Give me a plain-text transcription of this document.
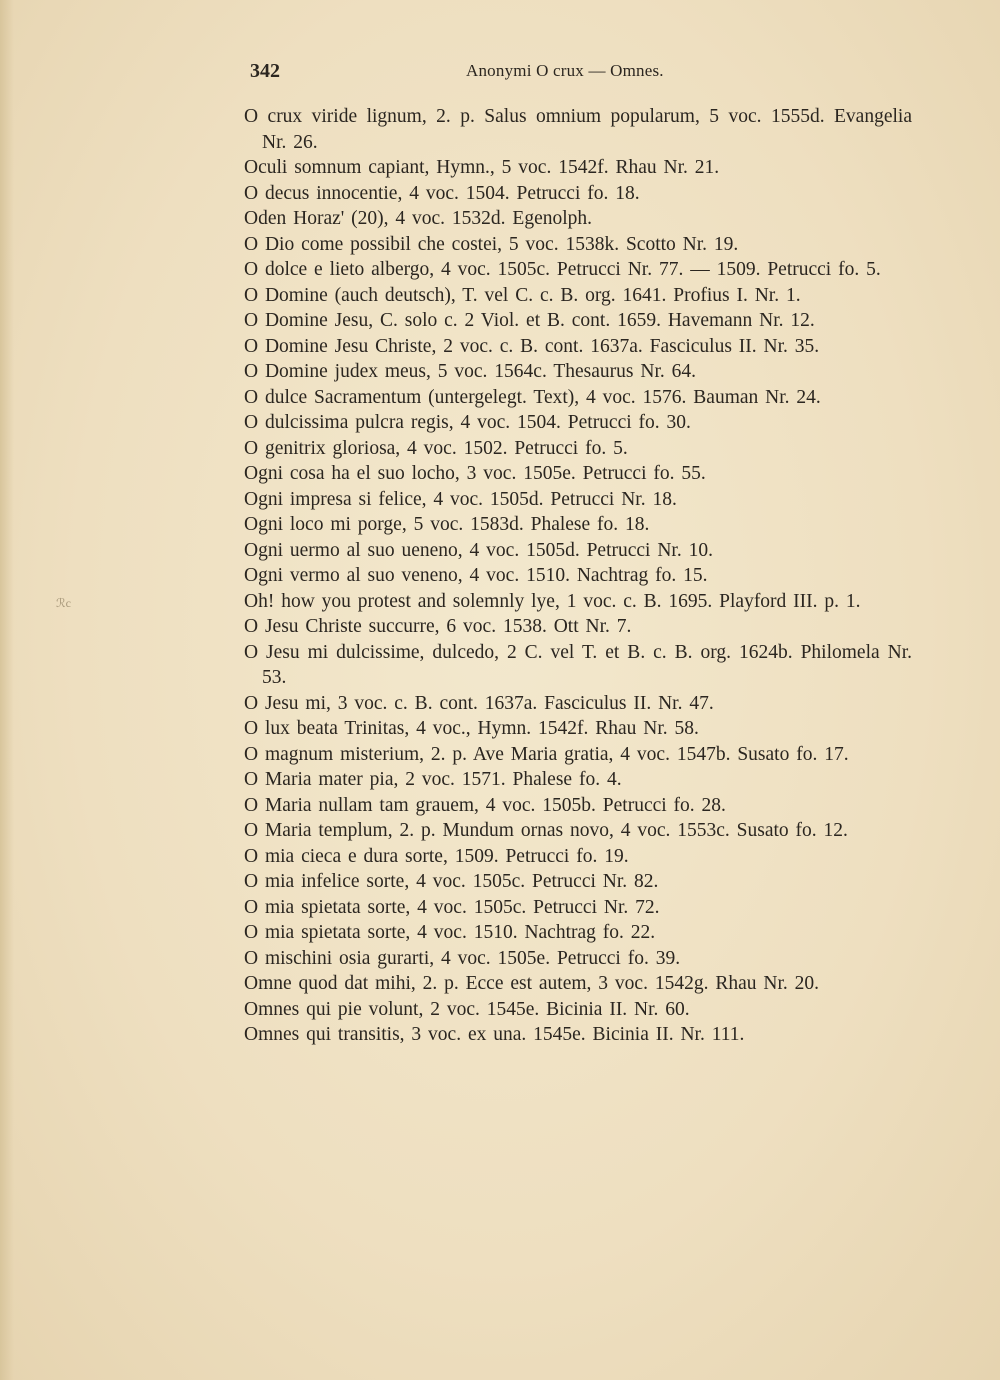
342	Anonymi O crux — Omnes.
ℛc
O crux viride lignum, 2. p. Salus omnium popularum, 5 voc. 1555d. Evangelia Nr. 26.
Oculi somnum capiant, Hymn., 5 voc. 1542f. Rhau Nr. 21.
O decus innocentie, 4 voc. 1504. Petrucci fo. 18.
Oden Horaz' (20), 4 voc. 1532d. Egenolph.
O Dio come possibil che costei, 5 voc. 1538k. Scotto Nr. 19.
O dolce e lieto albergo, 4 voc. 1505c. Petrucci Nr. 77. — 1509. Petrucci fo. 5.
O Domine (auch deutsch), T. vel C. c. B. org. 1641. Profius I. Nr. 1.
O Domine Jesu, C. solo c. 2 Viol. et B. cont. 1659. Havemann Nr. 12.
O Domine Jesu Christe, 2 voc. c. B. cont. 1637a. Fasciculus II. Nr. 35.
O Domine judex meus, 5 voc. 1564c. Thesaurus Nr. 64.
O dulce Sacramentum (untergelegt. Text), 4 voc. 1576. Bauman Nr. 24.
O dulcissima pulcra regis, 4 voc. 1504. Petrucci fo. 30.
O genitrix gloriosa, 4 voc. 1502. Petrucci fo. 5.
Ogni cosa ha el suo locho, 3 voc. 1505e. Petrucci fo. 55.
Ogni impresa si felice, 4 voc. 1505d. Petrucci Nr. 18.
Ogni loco mi porge, 5 voc. 1583d. Phalese fo. 18.
Ogni uermo al suo ueneno, 4 voc. 1505d. Petrucci Nr. 10.
Ogni vermo al suo veneno, 4 voc. 1510. Nachtrag fo. 15.
Oh! how you protest and solemnly lye, 1 voc. c. B. 1695. Playford III. p. 1.
O Jesu Christe succurre, 6 voc. 1538. Ott Nr. 7.
O Jesu mi dulcissime, dulcedo, 2 C. vel T. et B. c. B. org. 1624b. Philomela Nr. 53.
O Jesu mi, 3 voc. c. B. cont. 1637a. Fasciculus II. Nr. 47.
O lux beata Trinitas, 4 voc., Hymn. 1542f. Rhau Nr. 58.
O magnum misterium, 2. p. Ave Maria gratia, 4 voc. 1547b. Susato fo. 17.
O Maria mater pia, 2 voc. 1571. Phalese fo. 4.
O Maria nullam tam grauem, 4 voc. 1505b. Petrucci fo. 28.
O Maria templum, 2. p. Mundum ornas novo, 4 voc. 1553c. Susato fo. 12.
O mia cieca e dura sorte, 1509. Petrucci fo. 19.
O mia infelice sorte, 4 voc. 1505c. Petrucci Nr. 82.
O mia spietata sorte, 4 voc. 1505c. Petrucci Nr. 72.
O mia spietata sorte, 4 voc. 1510. Nachtrag fo. 22.
O mischini osia gurarti, 4 voc. 1505e. Petrucci fo. 39.
Omne quod dat mihi, 2. p. Ecce est autem, 3 voc. 1542g. Rhau Nr. 20.
Omnes qui pie volunt, 2 voc. 1545e. Bicinia II. Nr. 60.
Omnes qui transitis, 3 voc. ex una. 1545e. Bicinia II. Nr. 111.
